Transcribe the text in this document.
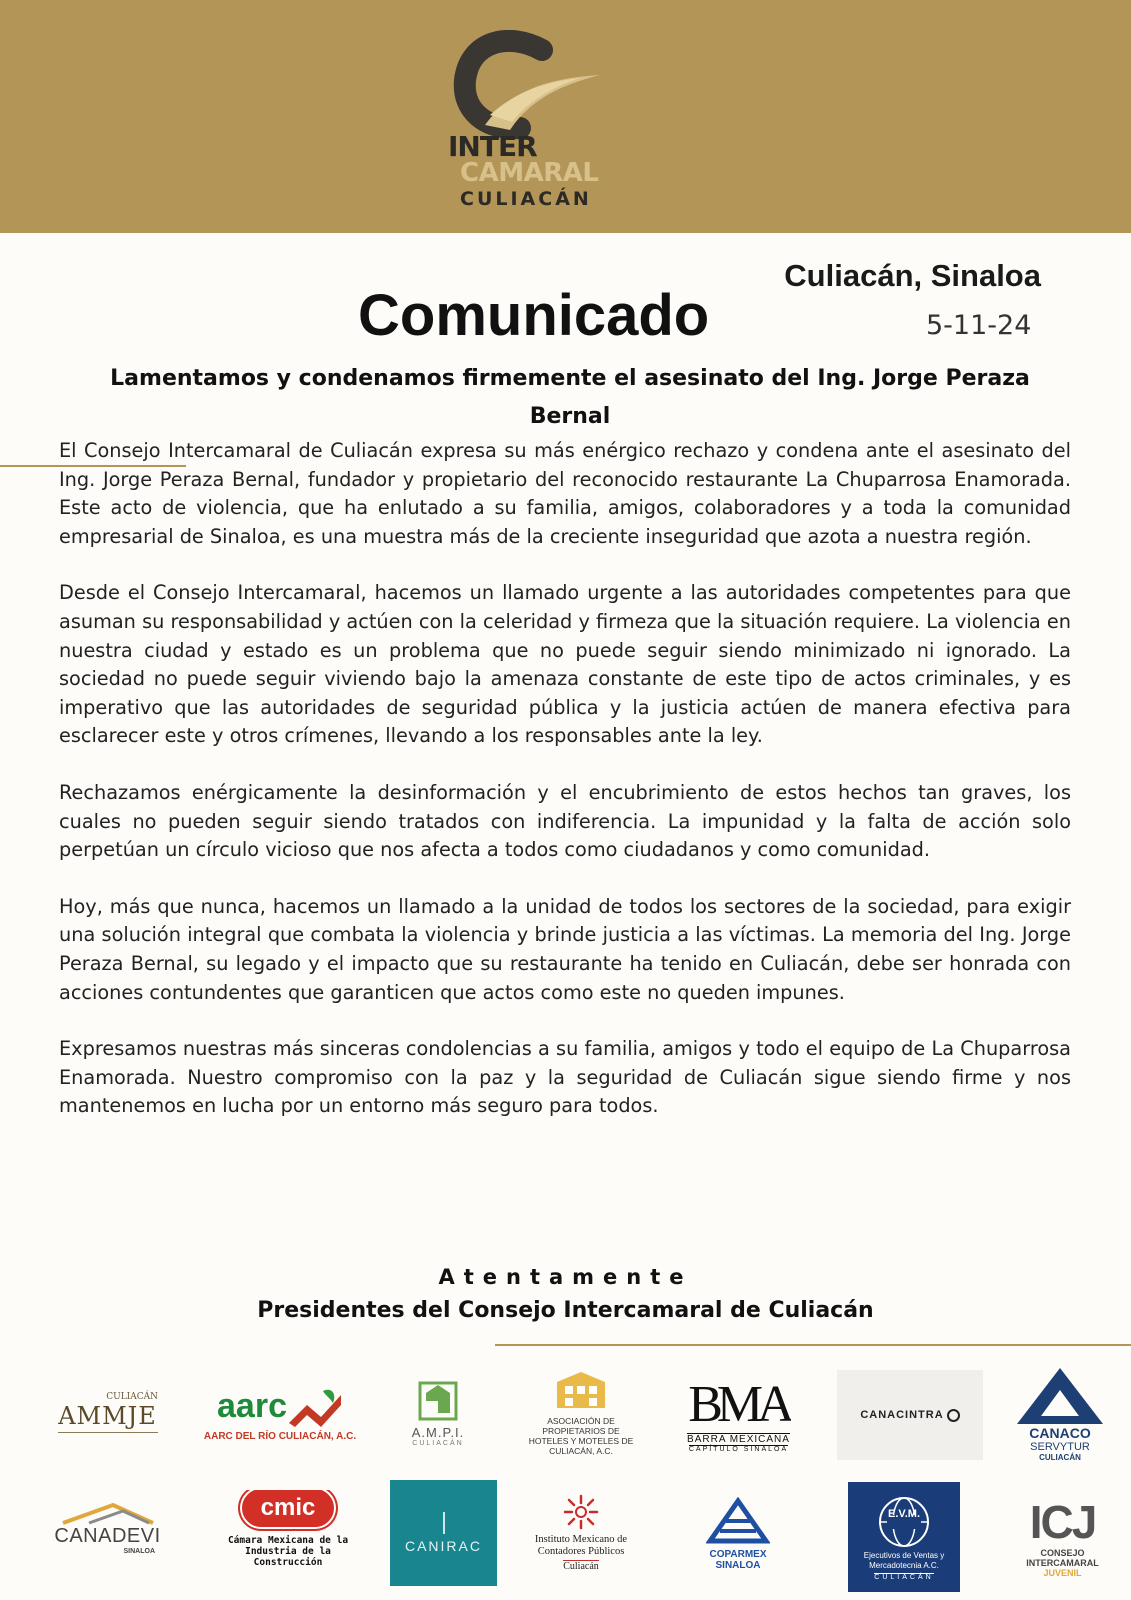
INTER
CAMARAL
CULIACÁN
Culiacán, Sinaloa
Comunicado	5-11-24
Lamentamos y condenamos firmemente el asesinato del Ing. Jorge Peraza Bernal

El Consejo Intercamaral de Culiacán expresa su más enérgico rechazo y condena ante el asesinato del Ing. Jorge Peraza Bernal, fundador y propietario del reconocido restaurante La Chuparrosa Enamorada. Este acto de violencia, que ha enlutado a su familia, amigos, colaboradores y a toda la comunidad empresarial de Sinaloa, es una muestra más de la creciente inseguridad que azota a nuestra región.

Desde el Consejo Intercamaral, hacemos un llamado urgente a las autoridades competentes para que asuman su responsabilidad y actúen con la celeridad y firmeza que la situación requiere. La violencia en nuestra ciudad y estado es un problema que no puede seguir siendo minimizado ni ignorado. La sociedad no puede seguir viviendo bajo la amenaza constante de este tipo de actos criminales, y es imperativo que las autoridades de seguridad pública y la justicia actúen de manera efectiva para esclarecer este y otros crímenes, llevando a los responsables ante la ley.

Rechazamos enérgicamente la desinformación y el encubrimiento de estos hechos tan graves, los cuales no pueden seguir siendo tratados con indiferencia. La impunidad y la falta de acción solo perpetúan un círculo vicioso que nos afecta a todos como ciudadanos y como comunidad.

Hoy, más que nunca, hacemos un llamado a la unidad de todos los sectores de la sociedad, para exigir una solución integral que combata la violencia y brinde justicia a las víctimas. La memoria del Ing. Jorge Peraza Bernal, su legado y el impacto que su restaurante ha tenido en Culiacán, debe ser honrada con acciones contundentes que garanticen que actos como este no queden impunes.

Expresamos nuestras más sinceras condolencias a su familia, amigos y todo el equipo de La Chuparrosa Enamorada. Nuestro compromiso con la paz y la seguridad de Culiacán sigue siendo firme y nos mantenemos en lucha por un entorno más seguro para todos.

Atentamente
Presidentes del Consejo Intercamaral de Culiacán
CULIACÁN
AMMJE aarc
AARC DEL RÍO CULIACÁN, A.C.	A.M.P.I.
CULIACÁN
ASOCIACIÓN DE PROPIETARIOS DE HOTELES Y MOTELES DE CULIACÁN, A.C.
BMA
BARRA MEXICANA
CAPÍTULO SINALOA
CANACINTRA
CANACO
SERVYTUR
CULIACÁN
CANADEVI
SINALOA
cmic
Cámara Mexicana de la Industria de la Construcción
CANIRAC	Instituto Mexicano de Contadores Públicos
Culiacán
COPARMEX
SINALOA
E.V.M.
Ejecutivos de Ventas y Mercadotecnia A.C.
CULIACÁN
ICJ
CONSEJO INTERCAMARAL
JUVENIL
